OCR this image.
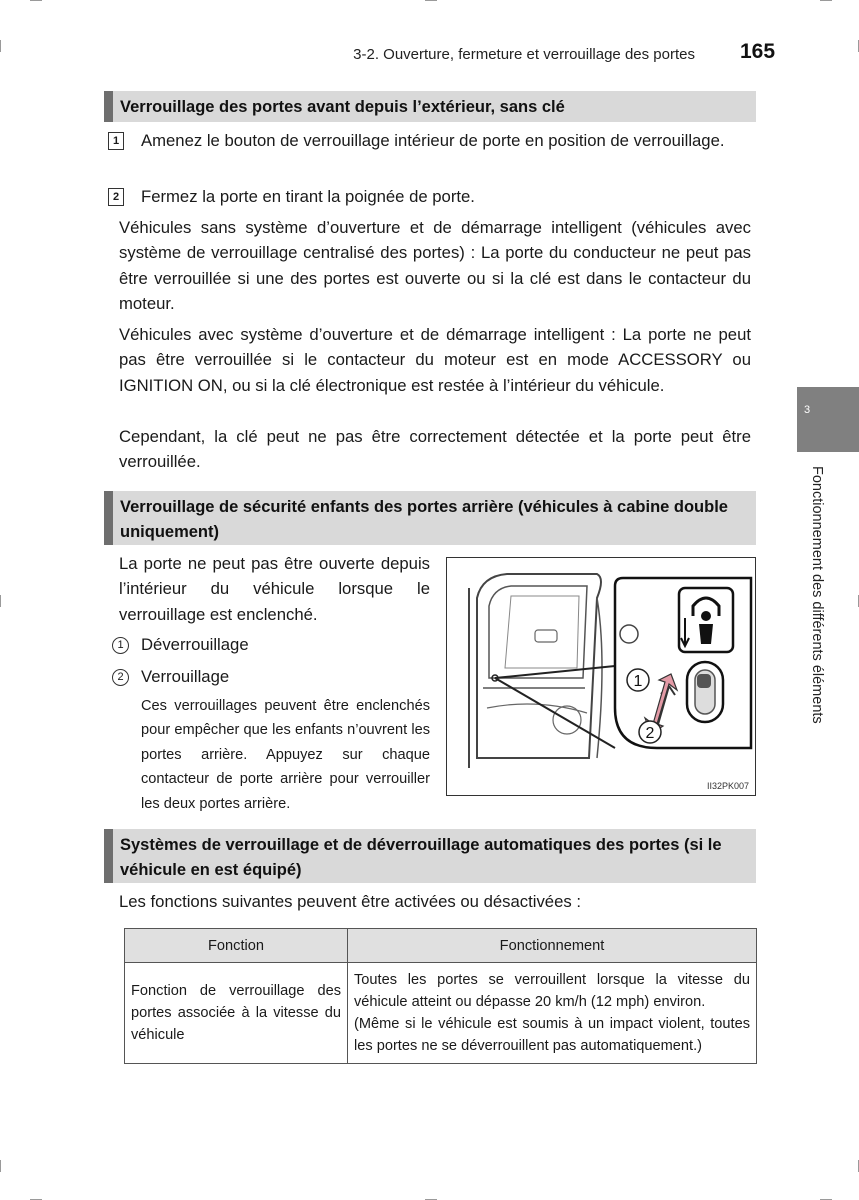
3-2. Ouverture, fermeture et verrouillage des portes 165
3
Fonctionnement des différents éléments
Verrouillage des portes avant depuis l’extérieur, sans clé
1 Amenez le bouton de verrouillage intérieur de porte en position de verrouillage.
2 Fermez la porte en tirant la poignée de porte.
Véhicules sans système d’ouverture et de démarrage intelligent (véhicules avec système de verrouillage centralisé des portes) : La porte du conducteur ne peut pas être verrouillée si une des portes est ouverte ou si la clé est dans le contacteur du moteur.
Véhicules avec système d’ouverture et de démarrage intelligent : La porte ne peut pas être verrouillée si le contacteur du moteur est en mode ACCESSORY ou IGNITION ON, ou si la clé électronique est restée à l’intérieur du véhicule.
Cependant, la clé peut ne pas être correctement détectée et la porte peut être verrouillée.
Verrouillage de sécurité enfants des portes arrière (véhicules à cabine double uniquement)
La porte ne peut pas être ouverte depuis l’intérieur du véhicule lorsque le verrouillage est enclenché.
1 Déverrouillage
2 Verrouillage
Ces verrouillages peuvent être enclenchés pour empêcher que les enfants n’ouvrent les portes arrière. Appuyez sur chaque contacteur de porte arrière pour verrouiller les deux portes arrière.
1
2
II32PK007
Systèmes de verrouillage et de déverrouillage automatiques des portes (si le véhicule en est équipé)
Les fonctions suivantes peuvent être activées ou désactivées :
Fonction	Fonctionnement
Fonction de verrouillage des portes associée à la vitesse du véhicule	Toutes les portes se verrouillent lorsque la vitesse du véhicule atteint ou dépasse 20 km/h (12 mph) environ.
(Même si le véhicule est soumis à un impact violent, toutes les portes ne se déverrouillent pas automatiquement.)
